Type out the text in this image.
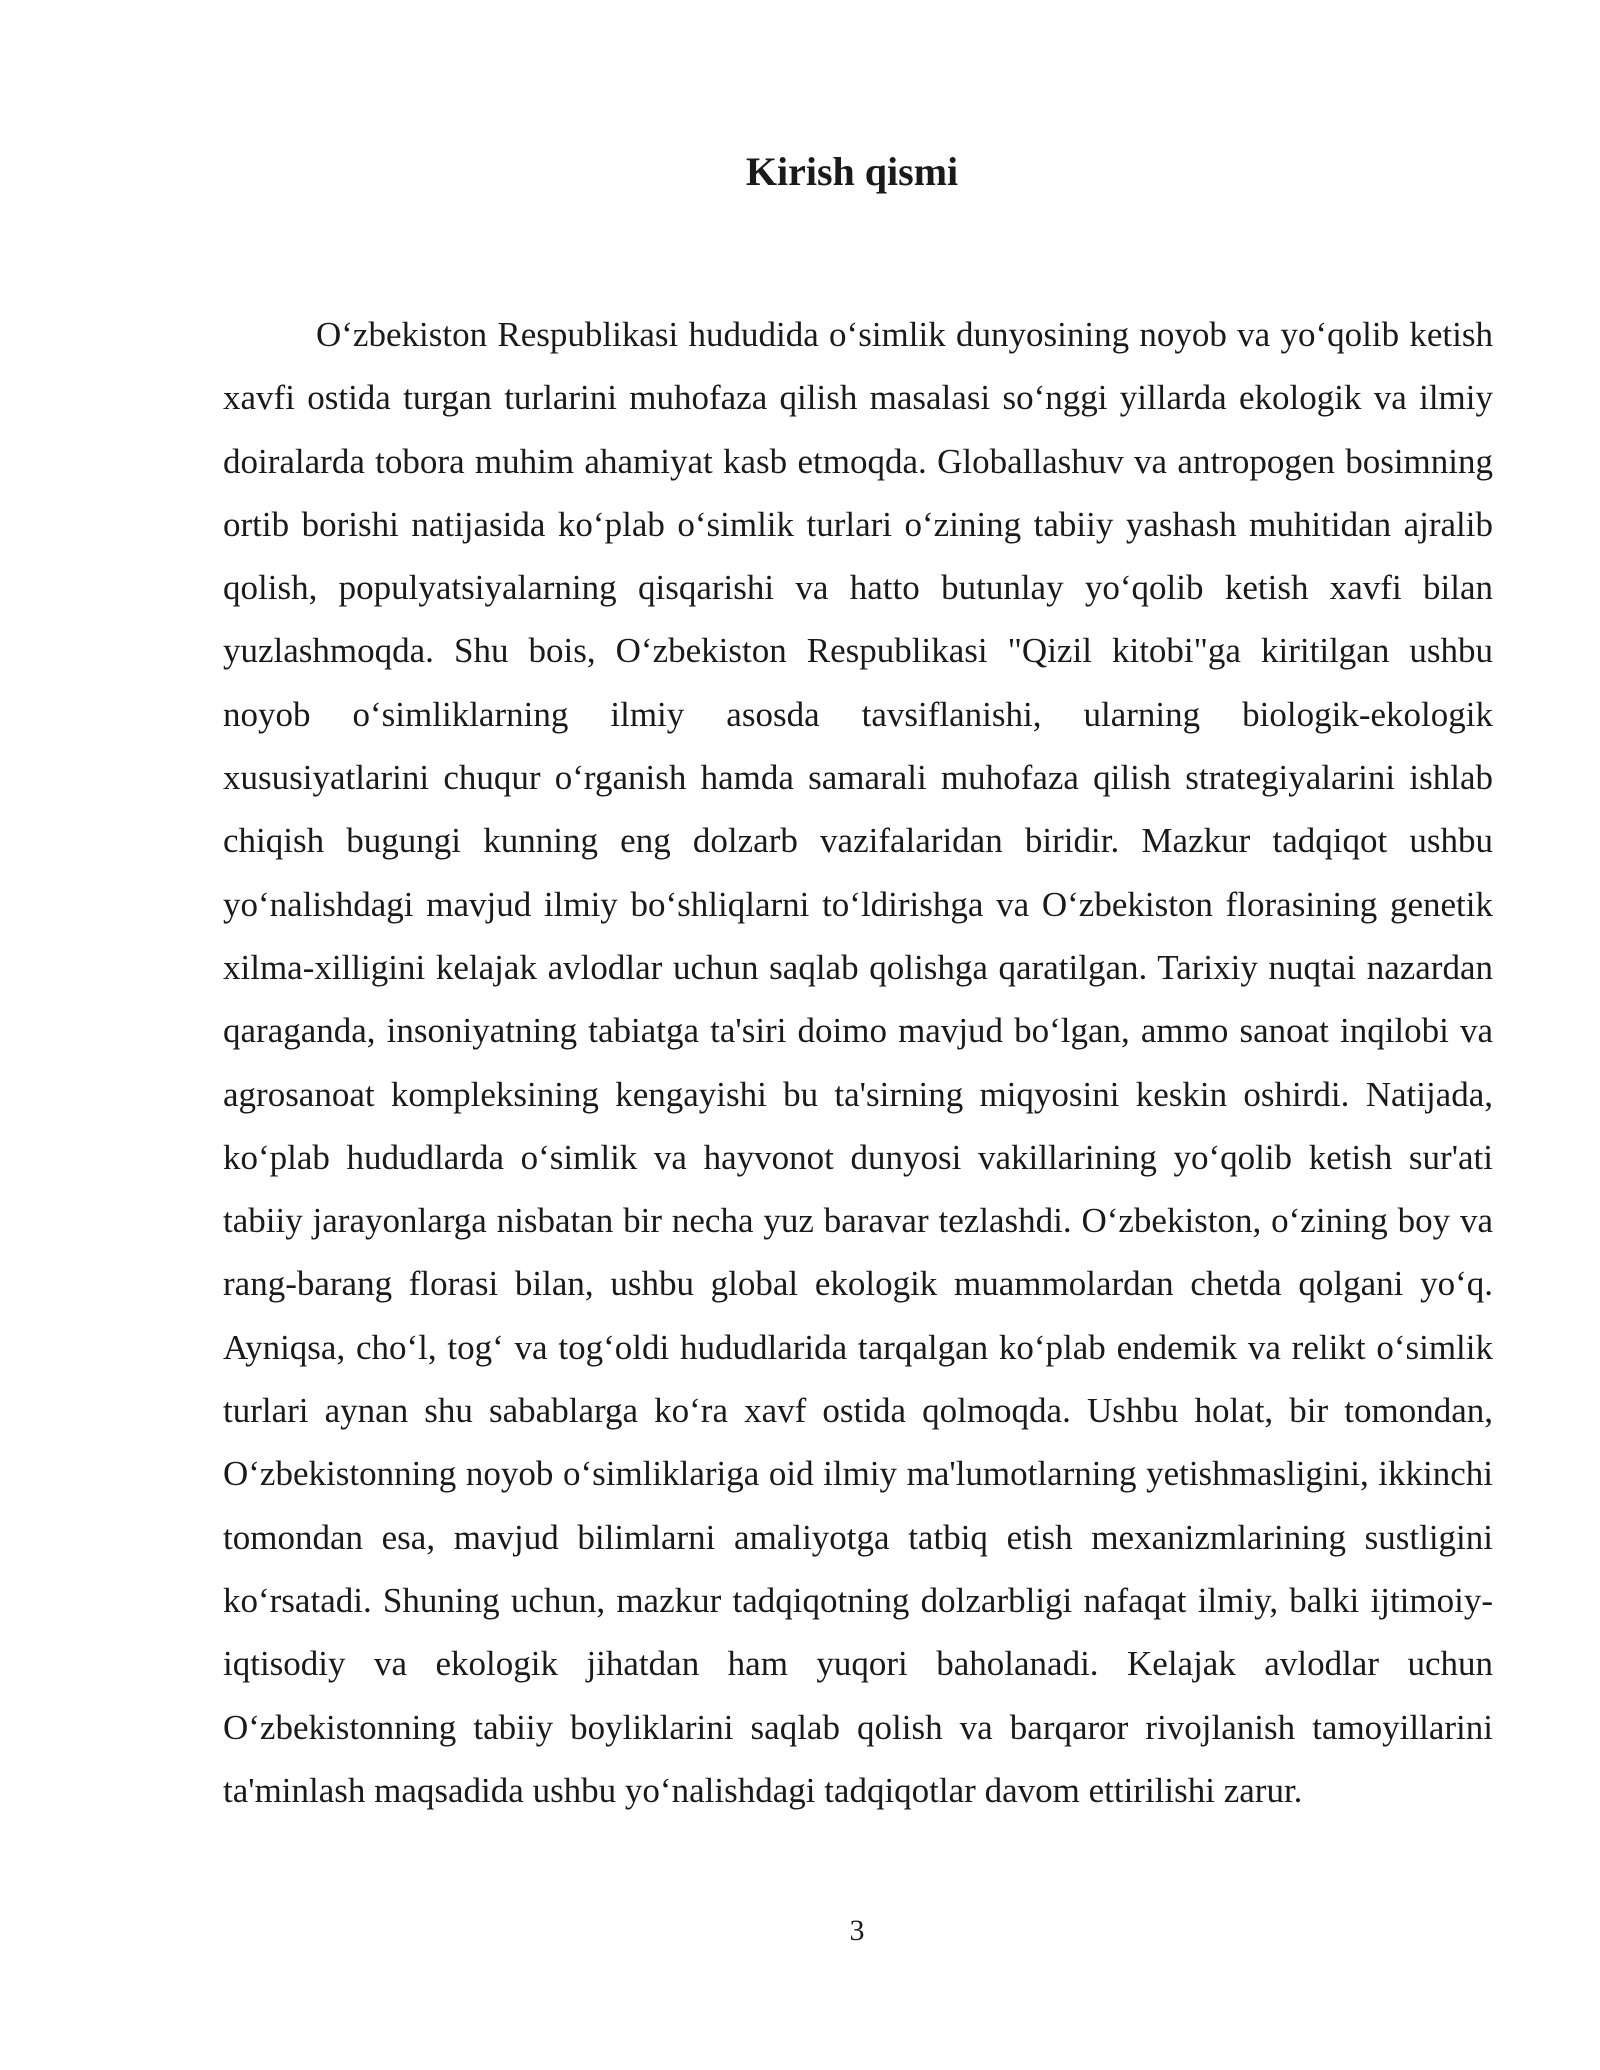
Kirish qismi

Oʻzbekiston Respublikasi hududida oʻsimlik dunyosining noyob va yoʻqolib ketish xavfi ostida turgan turlarini muhofaza qilish masalasi soʻnggi yillarda ekologik va ilmiy doiralarda tobora muhim ahamiyat kasb etmoqda. Globallashuv va antropogen bosimning ortib borishi natijasida koʻplab oʻsimlik turlari oʻzining tabiiy yashash muhitidan ajralib qolish, populyatsiyalarning qisqarishi va hatto butunlay yoʻqolib ketish xavfi bilan yuzlashmoqda. Shu bois, Oʻzbekiston Respublikasi "Qizil kitobi"ga kiritilgan ushbu noyob oʻsimliklarning ilmiy asosda tavsiflanishi, ularning biologik-ekologik xususiyatlarini chuqur oʻrganish hamda samarali muhofaza qilish strategiyalarini ishlab chiqish bugungi kunning eng dolzarb vazifalaridan biridir. Mazkur tadqiqot ushbu yoʻnalishdagi mavjud ilmiy boʻshliqlarni toʻldirishga va Oʻzbekiston florasining genetik xilma-xilligini kelajak avlodlar uchun saqlab qolishga qaratilgan. Tarixiy nuqtai nazardan qaraganda, insoniyatning tabiatga ta'siri doimo mavjud boʻlgan, ammo sanoat inqilobi va agrosanoat kompleksining kengayishi bu ta'sirning miqyosini keskin oshirdi. Natijada, koʻplab hududlarda oʻsimlik va hayvonot dunyosi vakillarining yoʻqolib ketish sur'ati tabiiy jarayonlarga nisbatan bir necha yuz baravar tezlashdi. Oʻzbekiston, oʻzining boy va rang-barang florasi bilan, ushbu global ekologik muammolardan chetda qolgani yoʻq. Ayniqsa, choʻl, togʻ va togʻoldi hududlarida tarqalgan koʻplab endemik va relikt oʻsimlik turlari aynan shu sabablarga koʻra xavf ostida qolmoqda. Ushbu holat, bir tomondan, Oʻzbekistonning noyob oʻsimliklariga oid ilmiy ma'lumotlarning yetishmasligini, ikkinchi tomondan esa, mavjud bilimlarni amaliyotga tatbiq etish mexanizmlarining sustligini koʻrsatadi. Shuning uchun, mazkur tadqiqotning dolzarbligi nafaqat ilmiy, balki ijtimoiy-iqtisodiy va ekologik jihatdan ham yuqori baholanadi. Kelajak avlodlar uchun Oʻzbekistonning tabiiy boyliklarini saqlab qolish va barqaror rivojlanish tamoyillarini ta'minlash maqsadida ushbu yoʻnalishdagi tadqiqotlar davom ettirilishi zarur.

3
